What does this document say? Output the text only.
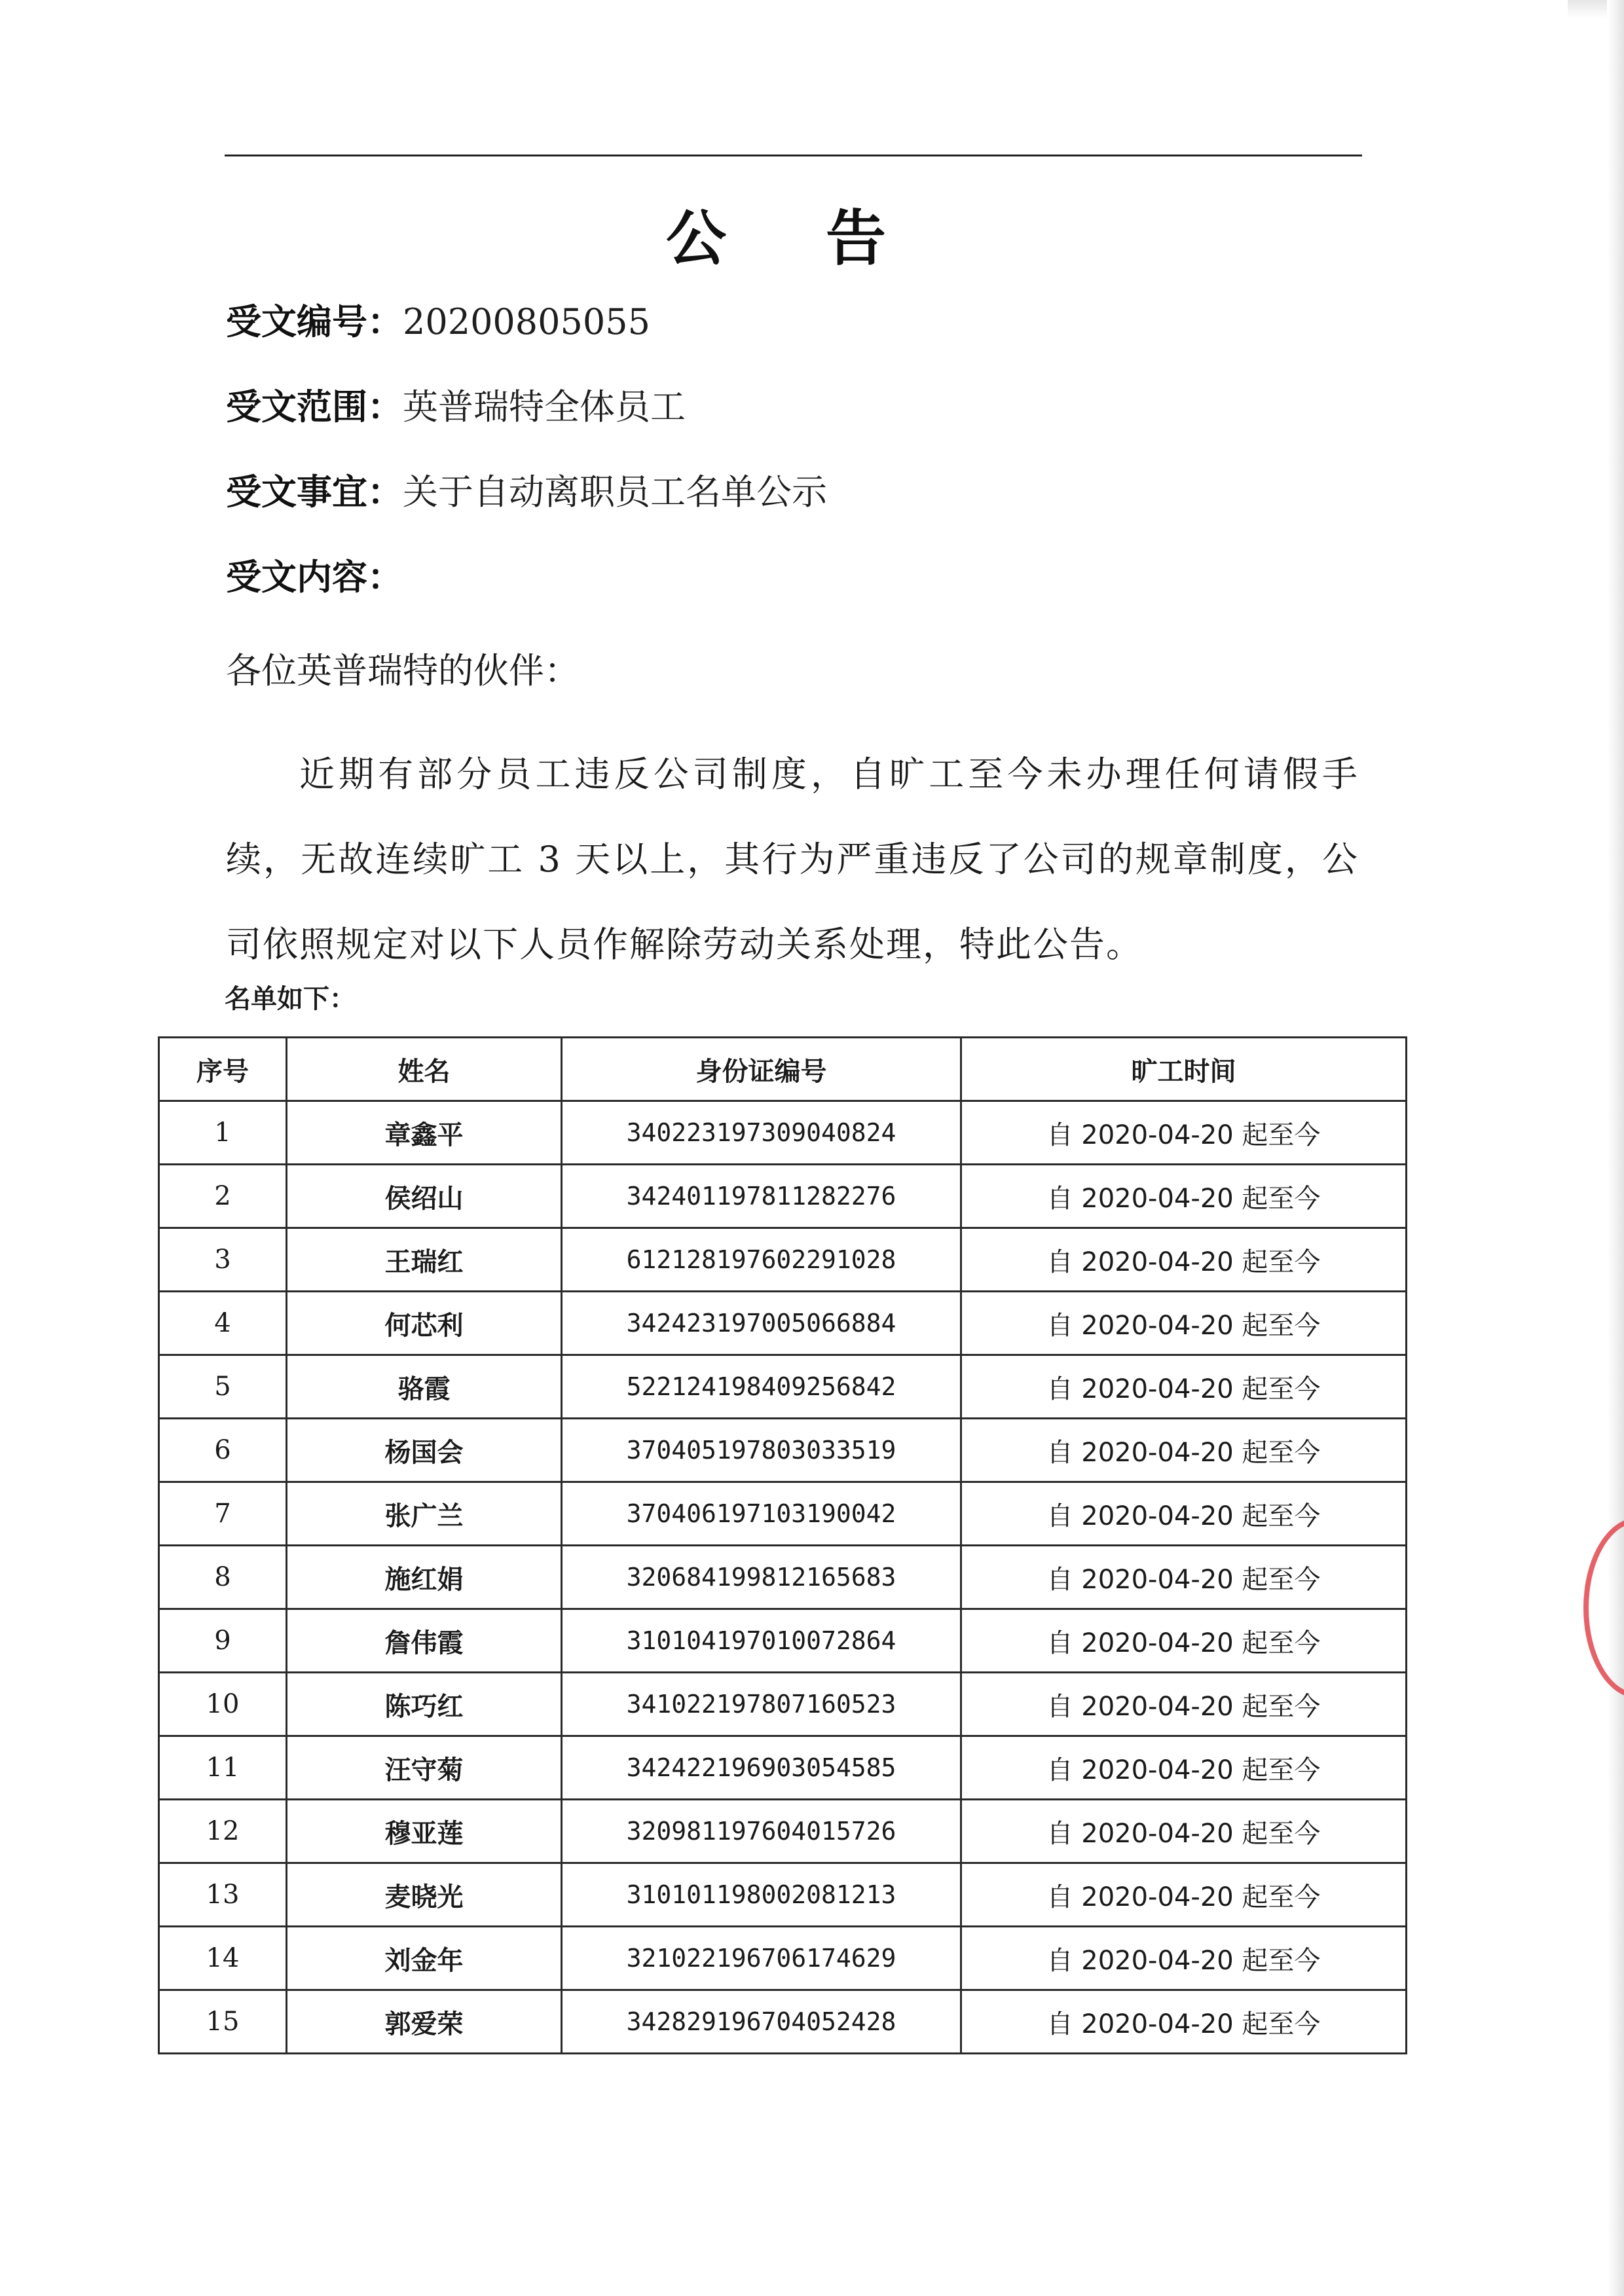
公 告
受文编号：20200805055
受文范围：英普瑞特全体员工
受文事宜：关于自动离职员工名单公示
受文内容：
各位英普瑞特的伙伴：
近期有部分员工违反公司制度，自旷工至今未办理任何请假手续，无故连续旷工 3 天以上，其行为严重违反了公司的规章制度，公司依照规定对以下人员作解除劳动关系处理，特此公告。
名单如下：
序号	姓名	身份证编号	旷工时间
1	章鑫平	340223197309040824	自 2020-04-20 起至今
2	侯绍山	342401197811282276	自 2020-04-20 起至今
3	王瑞红	612128197602291028	自 2020-04-20 起至今
4	何芯利	342423197005066884	自 2020-04-20 起至今
5	骆霞	522124198409256842	自 2020-04-20 起至今
6	杨国会	370405197803033519	自 2020-04-20 起至今
7	张广兰	370406197103190042	自 2020-04-20 起至今
8	施红娟	320684199812165683	自 2020-04-20 起至今
9	詹伟霞	310104197010072864	自 2020-04-20 起至今
10	陈巧红	341022197807160523	自 2020-04-20 起至今
11	汪守菊	342422196903054585	自 2020-04-20 起至今
12	穆亚莲	320981197604015726	自 2020-04-20 起至今
13	麦晓光	310101198002081213	自 2020-04-20 起至今
14	刘金年	321022196706174629	自 2020-04-20 起至今
15	郭爱荣	342829196704052428	自 2020-04-20 起至今
